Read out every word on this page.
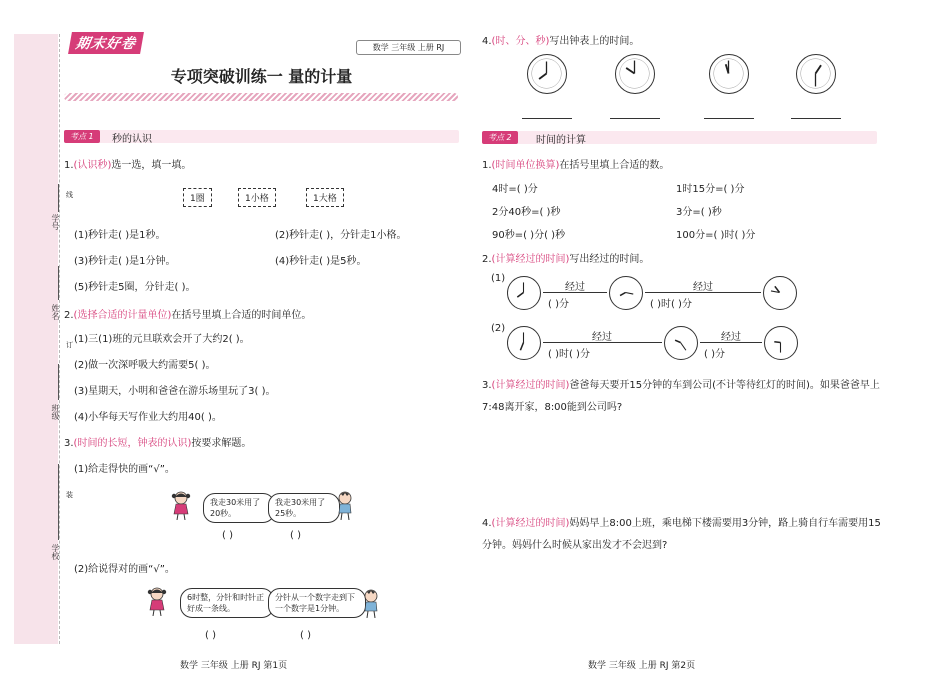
学号
姓名
班级
学校
线
订
装
期末好卷	数学 三年级 上册 RJ
专项突破训练一 量的计量
考点 1	秒的认识
1.(认识秒)选一选，填一填。
1圈	1小格	1大格
(1)秒针走( )是1秒。	(2)秒针走( )，分针走1小格。
(3)秒针走( )是1分钟。	(4)秒针走( )是5秒。
(5)秒针走5圈，分针走( )。
2.(选择合适的计量单位)在括号里填上合适的时间单位。
(1)三(1)班的元旦联欢会开了大约2( )。
(2)做一次深呼吸大约需要5( )。
(3)星期天，小明和爸爸在游乐场里玩了3( )。
(4)小华每天写作业大约用40( )。
3.(时间的长短，钟表的认识)按要求解题。
(1)给走得快的画“√”。
我走30米用了20秒。
我走30米用了25秒。
( )	( )
(2)给说得对的画“√”。
6时整，分针和时针正好成一条线。
分针从一个数字走到下一个数字是1分钟。
( )	( )
数学 三年级 上册 RJ 第1页
4.(时、分、秒)写出钟表上的时间。
考点 2	时间的计算
1.(时间单位换算)在括号里填上合适的数。
4时=( )分	1时15分=( )分
2分40秒=( )秒	3分=( )秒
90秒=( )分( )秒	100分=( )时( )分
2.(计算经过的时间)写出经过的时间。
(1)
经过
( )分
经过
( )时( )分
(2)
经过
( )时( )分
经过
( )分
3.(计算经过的时间)爸爸每天要开15分钟的车到公司(不计等待红灯的时间)。如果爸爸早上7:48离开家，8:00能到公司吗?
4.(计算经过的时间)妈妈早上8:00上班，乘电梯下楼需要用3分钟，路上骑自行车需要用15分钟。妈妈什么时候从家出发才不会迟到?
数学 三年级 上册 RJ 第2页
